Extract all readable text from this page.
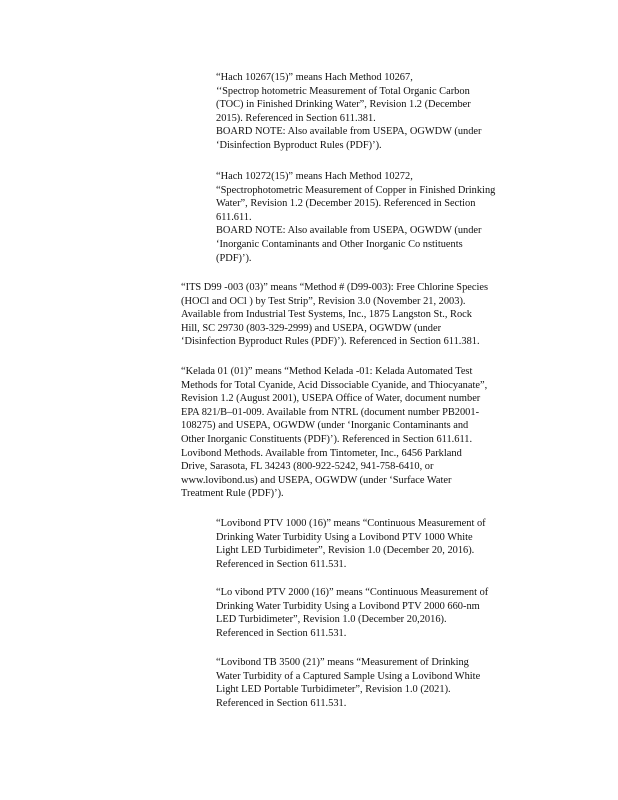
“Hach 10267(15)” means Hach Method 10267,
‘‘Spectrop hotometric Measurement of Total Organic Carbon
(TOC) in Finished Drinking Water”, Revision 1.2 (December
2015). Referenced in Section 611.381.
BOARD NOTE: Also available from USEPA, OGWDW (under
‘Disinfection Byproduct Rules (PDF)’).
“Hach 10272(15)” means Hach Method 10272,
“Spectrophotometric Measurement of Copper in Finished Drinking
Water”, Revision 1.2 (December 2015). Referenced in Section
611.611.
BOARD NOTE: Also available from USEPA, OGWDW (under
‘Inorganic Contaminants and Other Inorganic Co nstituents
(PDF)’).
“ITS D99 -003 (03)” means “Method # (D99-003): Free Chlorine Species
(HOCl and OCl ) by Test Strip”, Revision 3.0 (November 21, 2003).
Available from Industrial Test Systems, Inc., 1875 Langston St., Rock
Hill, SC 29730 (803-329-2999) and USEPA, OGWDW (under
‘Disinfection Byproduct Rules (PDF)’). Referenced in Section 611.381.
“Kelada 01 (01)” means “Method Kelada -01: Kelada Automated Test
Methods for Total Cyanide, Acid Dissociable Cyanide, and Thiocyanate”,
Revision 1.2 (August 2001), USEPA Office of Water, document number
EPA 821/B–01-009. Available from NTRL (document number PB2001-
108275) and USEPA, OGWDW (under ‘Inorganic Contaminants and
Other Inorganic Constituents (PDF)’). Referenced in Section 611.611.
Lovibond Methods. Available from Tintometer, Inc., 6456 Parkland
Drive, Sarasota, FL 34243 (800-922-5242, 941-758-6410, or
www.lovibond.us) and USEPA, OGWDW (under ‘Surface Water
Treatment Rule (PDF)’).
“Lovibond PTV 1000 (16)” means “Continuous Measurement of
Drinking Water Turbidity Using a Lovibond PTV 1000 White
Light LED Turbidimeter”, Revision 1.0 (December 20, 2016).
Referenced in Section 611.531.
“Lo vibond PTV 2000 (16)” means “Continuous Measurement of
Drinking Water Turbidity Using a Lovibond PTV 2000 660-nm
LED Turbidimeter”, Revision 1.0 (December 20,2016).
Referenced in Section 611.531.
“Lovibond TB 3500 (21)” means “Measurement of Drinking
Water Turbidity of a Captured Sample Using a Lovibond White
Light LED Portable Turbidimeter”, Revision 1.0 (2021).
Referenced in Section 611.531.
